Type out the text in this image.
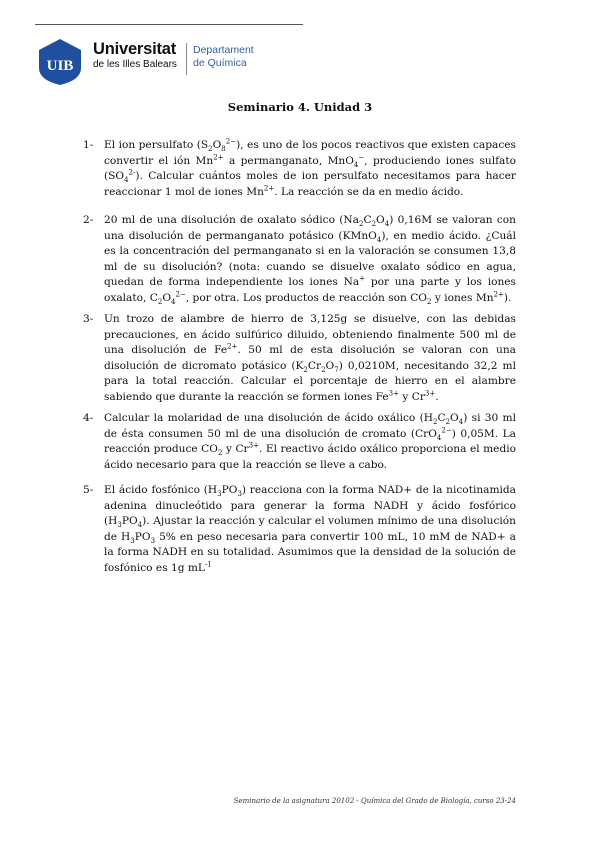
UIB
Universitat
de les Illes Balears
Departament
de Química
Seminario 4. Unidad 3
1- El ion persulfato $(S_2O_8^{2-})$, es uno de los pocos reactivos que existen capaces convertir el ión $Mn^{2+}$ a permanganato, MnO$_4$−, produciendo iones sulfato $(SO_4^{2-})$. Calcular cuántos moles de ion persulfato necesitamos para hacer reaccionar 1 mol de iones $Mn^{2+}$. La reacción se da en medio ácido.
2- 20 ml de una disolución de oxalato sódico $(Na_2C_2O_4)$ 0,16M se valoran con una disolución de permanganato potásico (KMnO$_4$), en medio ácido. ¿Cuál es la concentración del permanganato si en la valoración se consumen 13,8 ml de su disolución? (nota: cuando se disuelve oxalato sódico en agua, quedan de forma independiente los iones Na+ por una parte y los iones oxalato, $C_2O_4^{2-}$, por otra. Los productos de reacción son $CO_2$ y iones $Mn^{2+}$).
3- Un trozo de alambre de hierro de 3,125g se disuelve, con las debidas precauciones, en ácido sulfúrico diluido, obteniendo finalmente 500 ml de una disolución de $Fe^{2+}$. 50 ml de esta disolución se valoran con una disolución de dicromato potásico $(K_2Cr_2O_7)$ 0,0210M, necesitando 32,2 ml para la total reacción. Calcular el porcentaje de hierro en el alambre sabiendo que durante la reacción se formen iones $Fe^{3+}$ y $Cr^{3+}$.
4- Calcular la molaridad de una disolución de ácido oxálico $(H_2C_2O_4)$ si 30 ml de ésta consumen 50 ml de una disolución de cromato (CrO$_4^{2-}$) 0,05M. La reacción produce $CO_2$ y $Cr^{3+}$. El reactivo ácido oxálico proporciona el medio ácido necesario para que la reacción se lleve a cabo.
5- El ácido fosfónico $(H_3PO_3)$ reacciona con la forma NAD+ de la nicotinamida adenina dinucleótido para generar la forma NADH y ácido fosfórico $(H_3PO_4)$. Ajustar la reacción y calcular el volumen mínimo de una disolución de $H_3PO_3$ 5% en peso necesaria para convertir 100 mL, 10 mM de NAD+ a la forma NADH en su totalidad. Asumimos que la densidad de la solución de fosfónico es 1g $mL^{-1}$
Seminario de la asignatura 20102 - Química del Grado de Biología, curso 23-24
